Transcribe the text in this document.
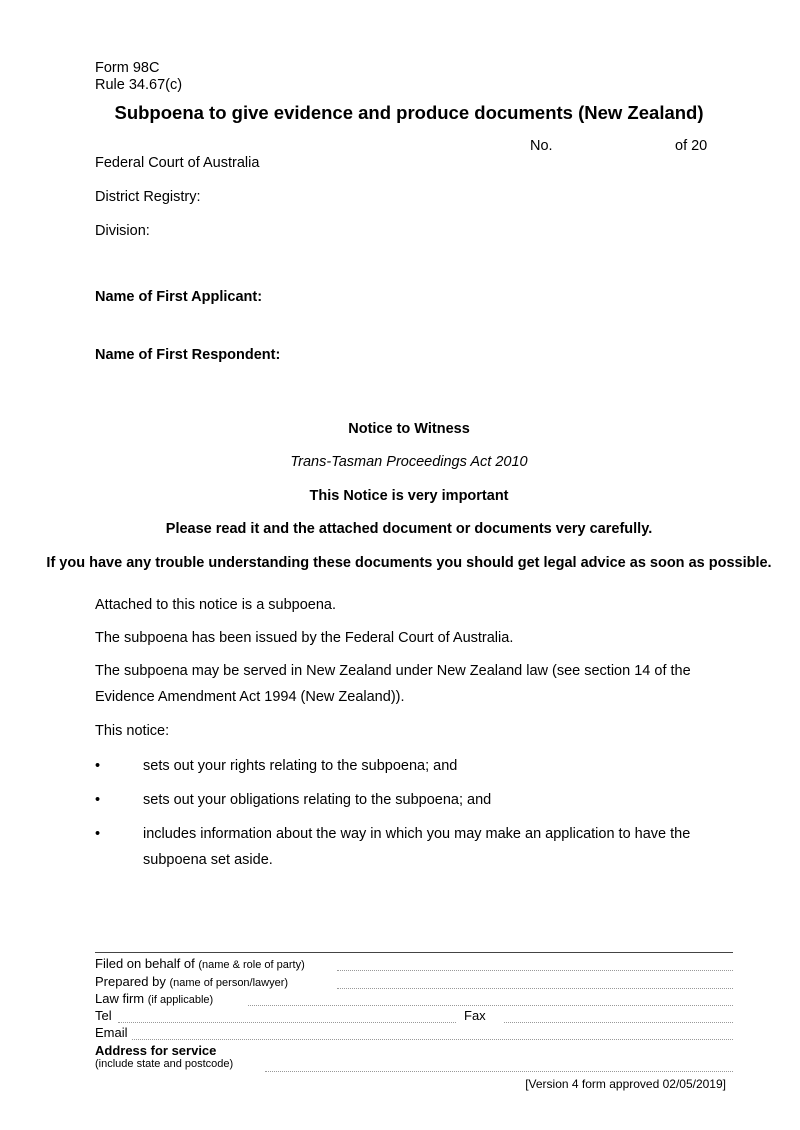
Form 98C
Rule 34.67(c)
Subpoena to give evidence and produce documents (New Zealand)
No.	of 20
Federal Court of Australia
District Registry:
Division:
Name of First Applicant:
Name of First Respondent:
Notice to Witness
Trans-Tasman Proceedings Act 2010
This Notice is very important
Please read it and the attached document or documents very carefully.
If you have any trouble understanding these documents you should get legal advice as soon as possible.
Attached to this notice is a subpoena.
The subpoena has been issued by the Federal Court of Australia.
The subpoena may be served in New Zealand under New Zealand law (see section 14 of the Evidence Amendment Act 1994 (New Zealand)).
This notice:
•	sets out your rights relating to the subpoena; and
•	sets out your obligations relating to the subpoena; and
•	includes information about the way in which you may make an application to have the subpoena set aside.
Filed on behalf of (name & role of party)
Prepared by (name of person/lawyer)
Law firm (if applicable)
Tel	Fax
Email
Address for service
(include state and postcode)
[Version 4 form approved 02/05/2019]
